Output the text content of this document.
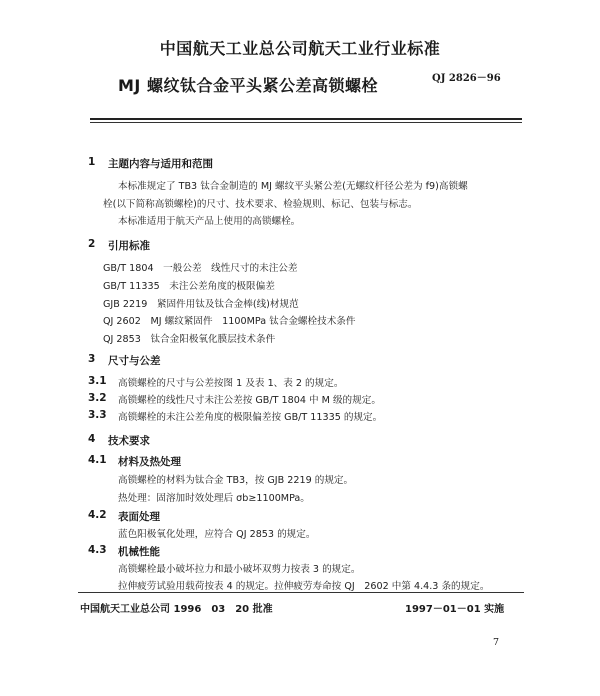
中国航天工业总公司航天工业行业标准
MJ 螺纹钛合金平头紧公差高锁螺栓	QJ 2826－96
1 主题内容与适用和范围
本标准规定了 TB3 钛合金制造的 MJ 螺纹平头紧公差(无螺纹杆径公差为 f9)高锁螺
栓(以下简称高锁螺栓)的尺寸、技术要求、检验规则、标记、包装与标志。
本标准适用于航天产品上使用的高锁螺栓。
2 引用标准
GB/T 1804　一般公差　线性尺寸的未注公差
GB/T 11335　未注公差角度的极限偏差
GJB 2219　紧固件用钛及钛合金棒(线)材规范
QJ 2602　MJ 螺纹紧固件　1100MPa 钛合金螺栓技术条件
QJ 2853　钛合金阳极氧化膜层技术条件
3 尺寸与公差
3.1 高锁螺栓的尺寸与公差按图 1 及表 1、表 2 的规定。
3.2 高锁螺栓的线性尺寸未注公差按 GB/T 1804 中 M 级的规定。
3.3 高锁螺栓的未注公差角度的极限偏差按 GB/T 11335 的规定。
4 技术要求
4.1 材料及热处理
高锁螺栓的材料为钛合金 TB3，按 GJB 2219 的规定。
热处理：固溶加时效处理后 σb≥1100MPa。
4.2 表面处理
蓝色阳极氧化处理，应符合 QJ 2853 的规定。
4.3 机械性能
高锁螺栓最小破坏拉力和最小破坏双剪力按表 3 的规定。
拉伸疲劳试验用载荷按表 4 的规定。拉伸疲劳寿命按 QJ　2602 中第 4.4.3 条的规定。
中国航天工业总公司 1996　03　20 批准	1997－01－01 实施
7
